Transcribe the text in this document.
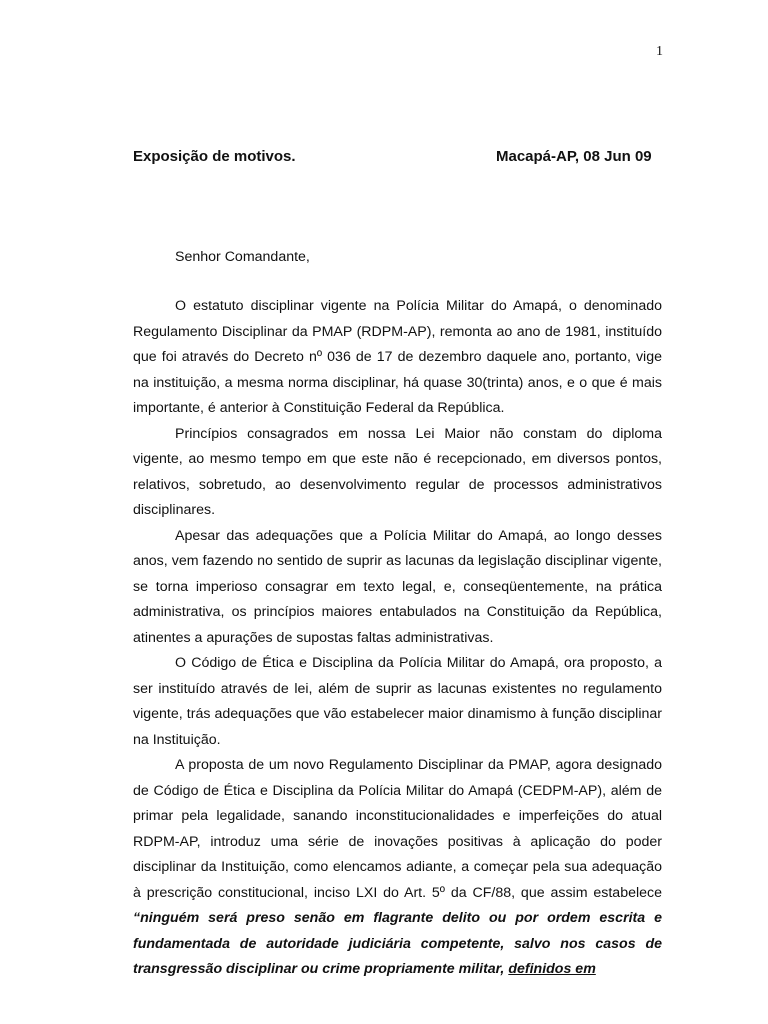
1
Exposição de motivos.	Macapá-AP, 08 Jun 09
Senhor Comandante,

O estatuto disciplinar vigente na Polícia Militar do Amapá, o denominado Regulamento Disciplinar da PMAP (RDPM-AP), remonta ao ano de 1981, instituído que foi através do Decreto nº 036 de 17 de dezembro daquele ano, portanto, vige na instituição, a mesma norma disciplinar, há quase 30(trinta) anos, e o que é mais importante, é anterior à Constituição Federal da República.

Princípios consagrados em nossa Lei Maior não constam do diploma vigente, ao mesmo tempo em que este não é recepcionado, em diversos pontos, relativos, sobretudo, ao desenvolvimento regular de processos administrativos disciplinares.

Apesar das adequações que a Polícia Militar do Amapá, ao longo desses anos, vem fazendo no sentido de suprir as lacunas da legislação disciplinar vigente, se torna imperioso consagrar em texto legal, e, conseqüentemente, na prática administrativa, os princípios maiores entabulados na Constituição da República, atinentes a apurações de supostas faltas administrativas.

O Código de Ética e Disciplina da Polícia Militar do Amapá, ora proposto, a ser instituído através de lei, além de suprir as lacunas existentes no regulamento vigente, trás adequações que vão estabelecer maior dinamismo à função disciplinar na Instituição.

A proposta de um novo Regulamento Disciplinar da PMAP, agora designado de Código de Ética e Disciplina da Polícia Militar do Amapá (CEDPM-AP), além de primar pela legalidade, sanando inconstitucionalidades e imperfeições do atual RDPM-AP, introduz uma série de inovações positivas à aplicação do poder disciplinar da Instituição, como elencamos adiante, a começar pela sua adequação à prescrição constitucional, inciso LXI do Art. 5º da CF/88, que assim estabelece “ninguém será preso senão em flagrante delito ou por ordem escrita e fundamentada de autoridade judiciária competente, salvo nos casos de transgressão disciplinar ou crime propriamente militar, definidos em
